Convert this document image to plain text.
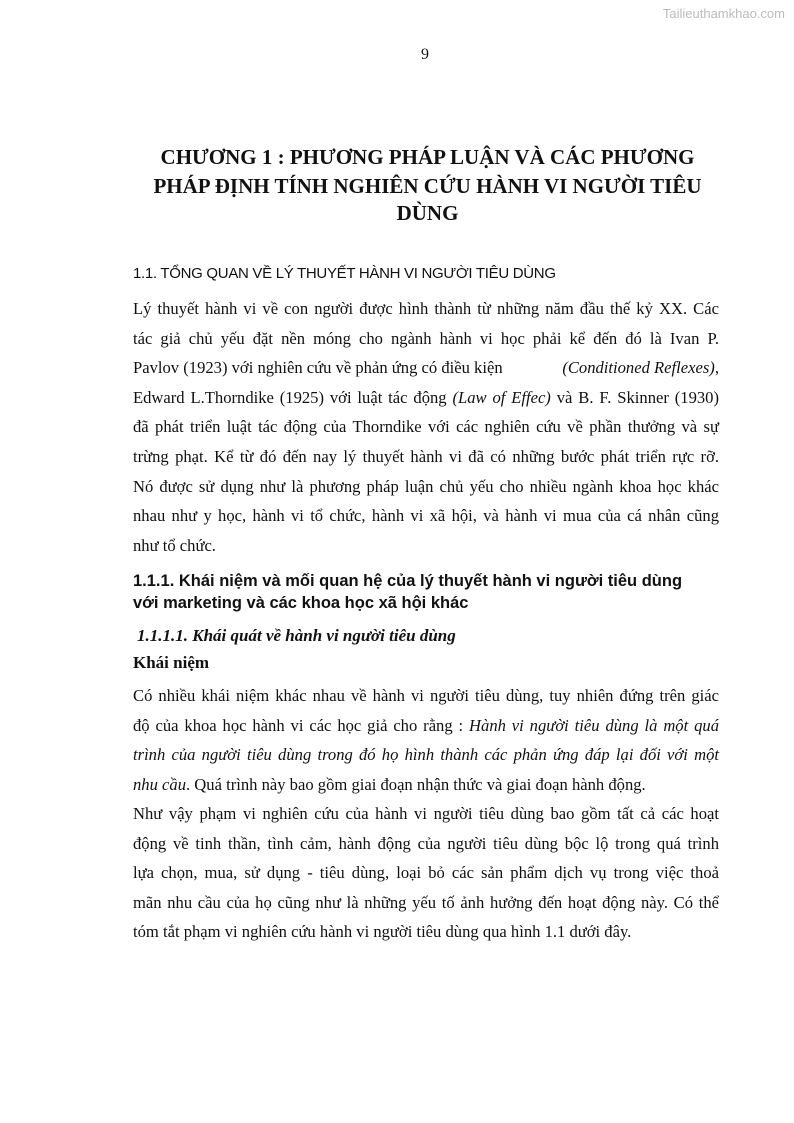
Tailieuthamkhao.com
9
CHƯƠNG 1 : PHƯƠNG PHÁP LUẬN VÀ CÁC PHƯƠNG
PHÁP ĐỊNH TÍNH NGHIÊN CỨU HÀNH VI NGƯỜI TIÊU
DÙNG
1.1. TỔNG QUAN VỀ LÝ THUYẾT HÀNH VI NGƯỜI TIÊU DÙNG
Lý thuyết hành vi về con người được hình thành từ những năm đầu thế kỷ XX. Các
tác giả chủ yếu đặt nền móng cho ngành hành vi học phải kể đến đó là Ivan P.
Pavlov (1923) với nghiên cứu về phản ứng có điều kiện	(Conditioned Reflexes),
Edward L.Thorndike (1925) với luật tác động (Law of Effec) và B. F. Skinner (1930)
đã phát triển luật tác động của Thorndike với các nghiên cứu về phần thưởng và sự
trừng phạt. Kể từ đó đến nay lý thuyết hành vi đã có những bước phát triển rực rỡ.
Nó được sử dụng như là phương pháp luận chủ yếu cho nhiều ngành khoa học khác
nhau như y học, hành vi tổ chức, hành vi xã hội, và hành vi mua của cá nhân cũng
như tổ chức.
1.1.1. Khái niệm và mối quan hệ của lý thuyết hành vi người tiêu dùng
với marketing và các khoa học xã hội khác
1.1.1.1. Khái quát về hành vi người tiêu dùng
Khái niệm
Có nhiều khái niệm khác nhau về hành vi người tiêu dùng, tuy nhiên đứng trên giác
độ của khoa học hành vi các học giả cho rằng : Hành vi người tiêu dùng là một quá
trình của người tiêu dùng trong đó họ hình thành các phản ứng đáp lại đối với một
nhu cầu. Quá trình này bao gồm giai đoạn nhận thức và giai đoạn hành động.
Như vậy phạm vi nghiên cứu của hành vi người tiêu dùng bao gồm tất cả các hoạt
động về tinh thần, tình cảm, hành động của người tiêu dùng bộc lộ trong quá trình
lựa chọn, mua, sử dụng - tiêu dùng, loại bỏ các sản phẩm dịch vụ trong việc thoả
mãn nhu cầu của họ cũng như là những yếu tố ảnh hưởng đến hoạt động này. Có thể
tóm tắt phạm vi nghiên cứu hành vi người tiêu dùng qua hình 1.1 dưới đây.
